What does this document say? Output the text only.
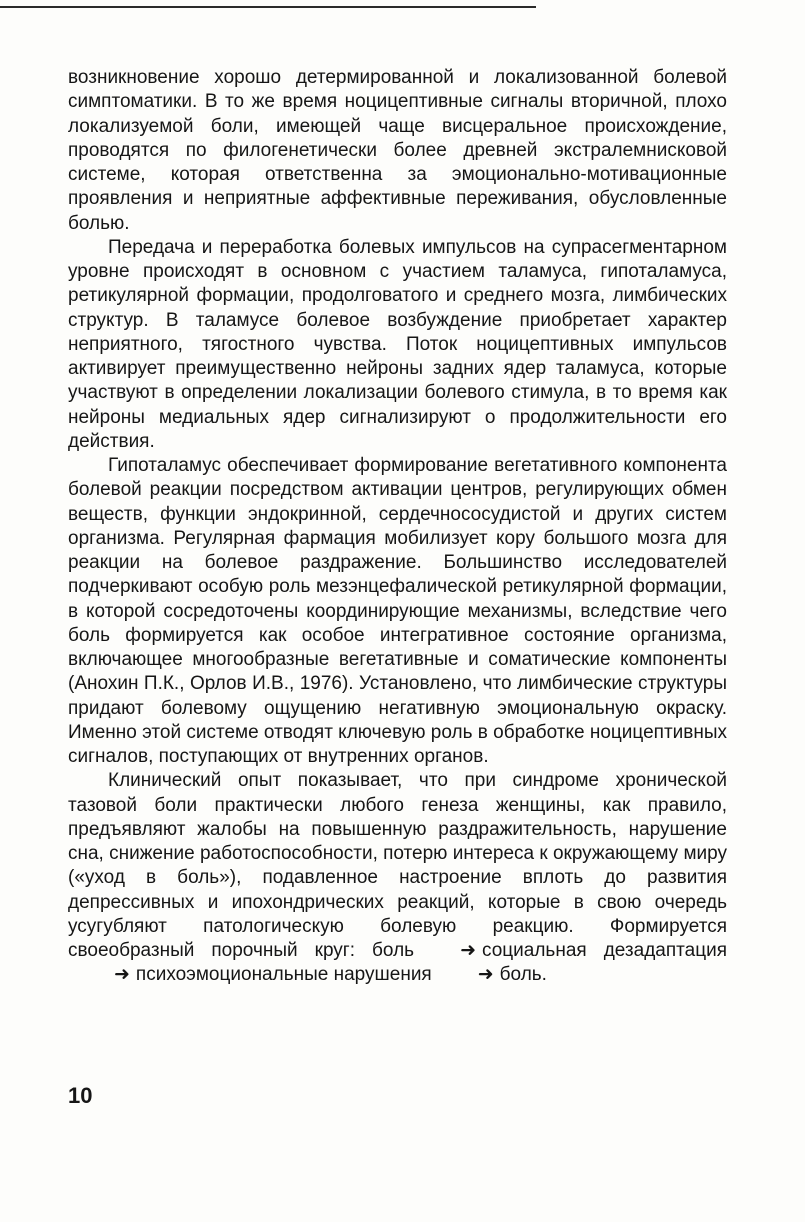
возникновение хорошо детермированной и локализованной болевой симптоматики. В то же время ноцицептивные сигналы вторичной, плохо локализуемой боли, имеющей чаще висцеральное происхождение, проводятся по филогенетически более древней экстралемнисковой системе, которая ответственна за эмоционально-мотивационные проявления и неприятные аффективные переживания, обусловленные болью.

Передача и переработка болевых импульсов на супрасегментарном уровне происходят в основном с участием таламуса, гипоталамуса, ретикулярной формации, продолговатого и среднего мозга, лимбических структур. В таламусе болевое возбуждение приобретает характер неприятного, тягостного чувства. Поток ноцицептивных импульсов активирует преимущественно нейроны задних ядер таламуса, которые участвуют в определении локализации болевого стимула, в то время как нейроны медиальных ядер сигнализируют о продолжительности его действия.

Гипоталамус обеспечивает формирование вегетативного компонента болевой реакции посредством активации центров, регулирующих обмен веществ, функции эндокринной, сердечнососудистой и других систем организма. Регулярная фармация мобилизует кору большого мозга для реакции на болевое раздражение. Большинство исследователей подчеркивают особую роль мезэнцефалической ретикулярной формации, в которой сосредоточены координирующие механизмы, вследствие чего боль формируется как особое интегративное состояние организма, включающее многообразные вегетативные и соматические компоненты (Анохин П.К., Орлов И.В., 1976). Установлено, что лимбические структуры придают болевому ощущению негативную эмоциональную окраску. Именно этой системе отводят ключевую роль в обработке ноцицептивных сигналов, поступающих от внутренних органов.

Клинический опыт показывает, что при синдроме хронической тазовой боли практически любого генеза женщины, как правило, предъявляют жалобы на повышенную раздражительность, нарушение сна, снижение работоспособности, потерю интереса к окружающему миру («уход в боль»), подавленное настроение вплоть до развития депрессивных и ипохондрических реакций, которые в свою очередь усугубляют патологическую болевую реакцию. Формируется своеобразный порочный круг: боль ➜ социальная дезадаптация➜ психоэмоциональные нарушения ➜ боль.

10
